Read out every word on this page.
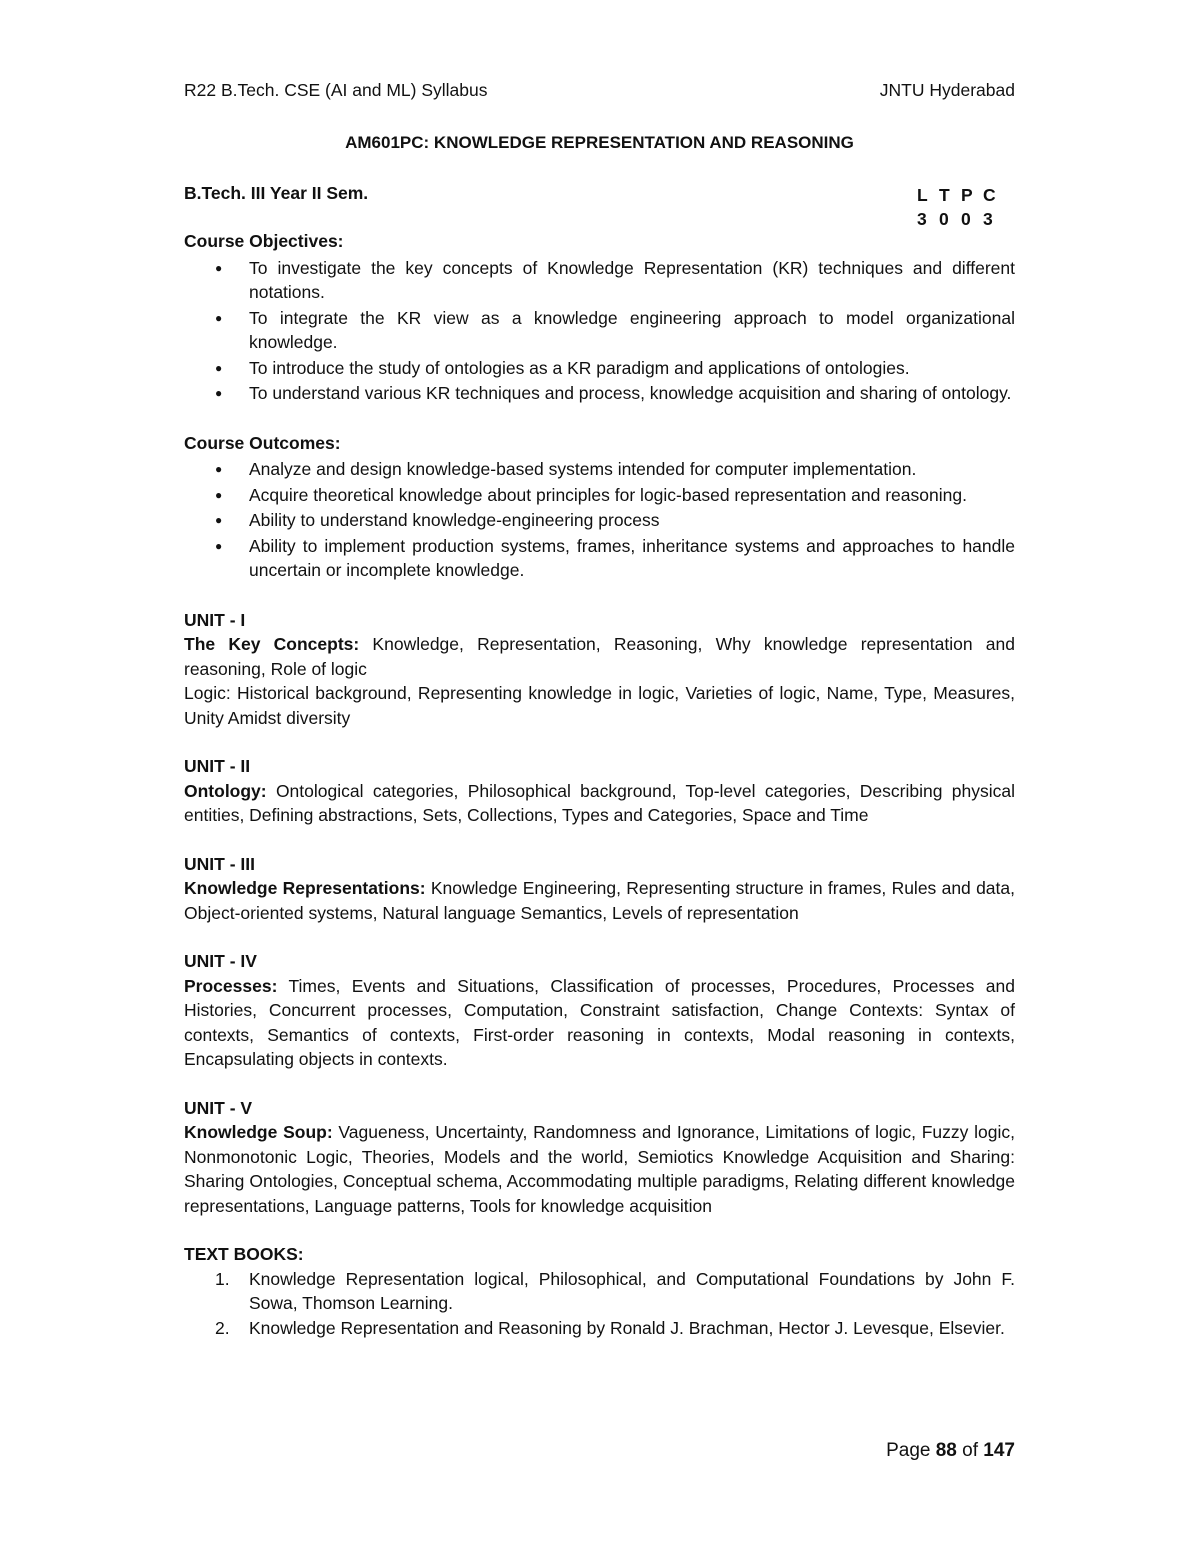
R22 B.Tech. CSE (AI and ML) Syllabus	JNTU Hyderabad
AM601PC: KNOWLEDGE REPRESENTATION AND REASONING
B.Tech. III Year II Sem.	L T P C
3 0 0 3
Course Objectives:
● To investigate the key concepts of Knowledge Representation (KR) techniques and different notations.
● To integrate the KR view as a knowledge engineering approach to model organizational knowledge.
● To introduce the study of ontologies as a KR paradigm and applications of ontologies.
● To understand various KR techniques and process, knowledge acquisition and sharing of ontology.
Course Outcomes:
● Analyze and design knowledge-based systems intended for computer implementation.
● Acquire theoretical knowledge about principles for logic-based representation and reasoning.
● Ability to understand knowledge-engineering process
● Ability to implement production systems, frames, inheritance systems and approaches to handle uncertain or incomplete knowledge.
UNIT - I

The Key Concepts: Knowledge, Representation, Reasoning, Why knowledge representation and reasoning, Role of logic

Logic: Historical background, Representing knowledge in logic, Varieties of logic, Name, Type, Measures, Unity Amidst diversity

UNIT - II

Ontology: Ontological categories, Philosophical background, Top-level categories, Describing physical entities, Defining abstractions, Sets, Collections, Types and Categories, Space and Time

UNIT - III

Knowledge Representations: Knowledge Engineering, Representing structure in frames, Rules and data, Object-oriented systems, Natural language Semantics, Levels of representation

UNIT - IV

Processes: Times, Events and Situations, Classification of processes, Procedures, Processes and Histories, Concurrent processes, Computation, Constraint satisfaction, Change Contexts: Syntax of contexts, Semantics of contexts, First-order reasoning in contexts, Modal reasoning in contexts, Encapsulating objects in contexts.

UNIT - V

Knowledge Soup: Vagueness, Uncertainty, Randomness and Ignorance, Limitations of logic, Fuzzy logic, Nonmonotonic Logic, Theories, Models and the world, Semiotics Knowledge Acquisition and Sharing: Sharing Ontologies, Conceptual schema, Accommodating multiple paradigms, Relating different knowledge representations, Language patterns, Tools for knowledge acquisition

TEXT BOOKS:
1. Knowledge Representation logical, Philosophical, and Computational Foundations by John F. Sowa, Thomson Learning.
2. Knowledge Representation and Reasoning by Ronald J. Brachman, Hector J. Levesque, Elsevier.
Page 88 of 147
